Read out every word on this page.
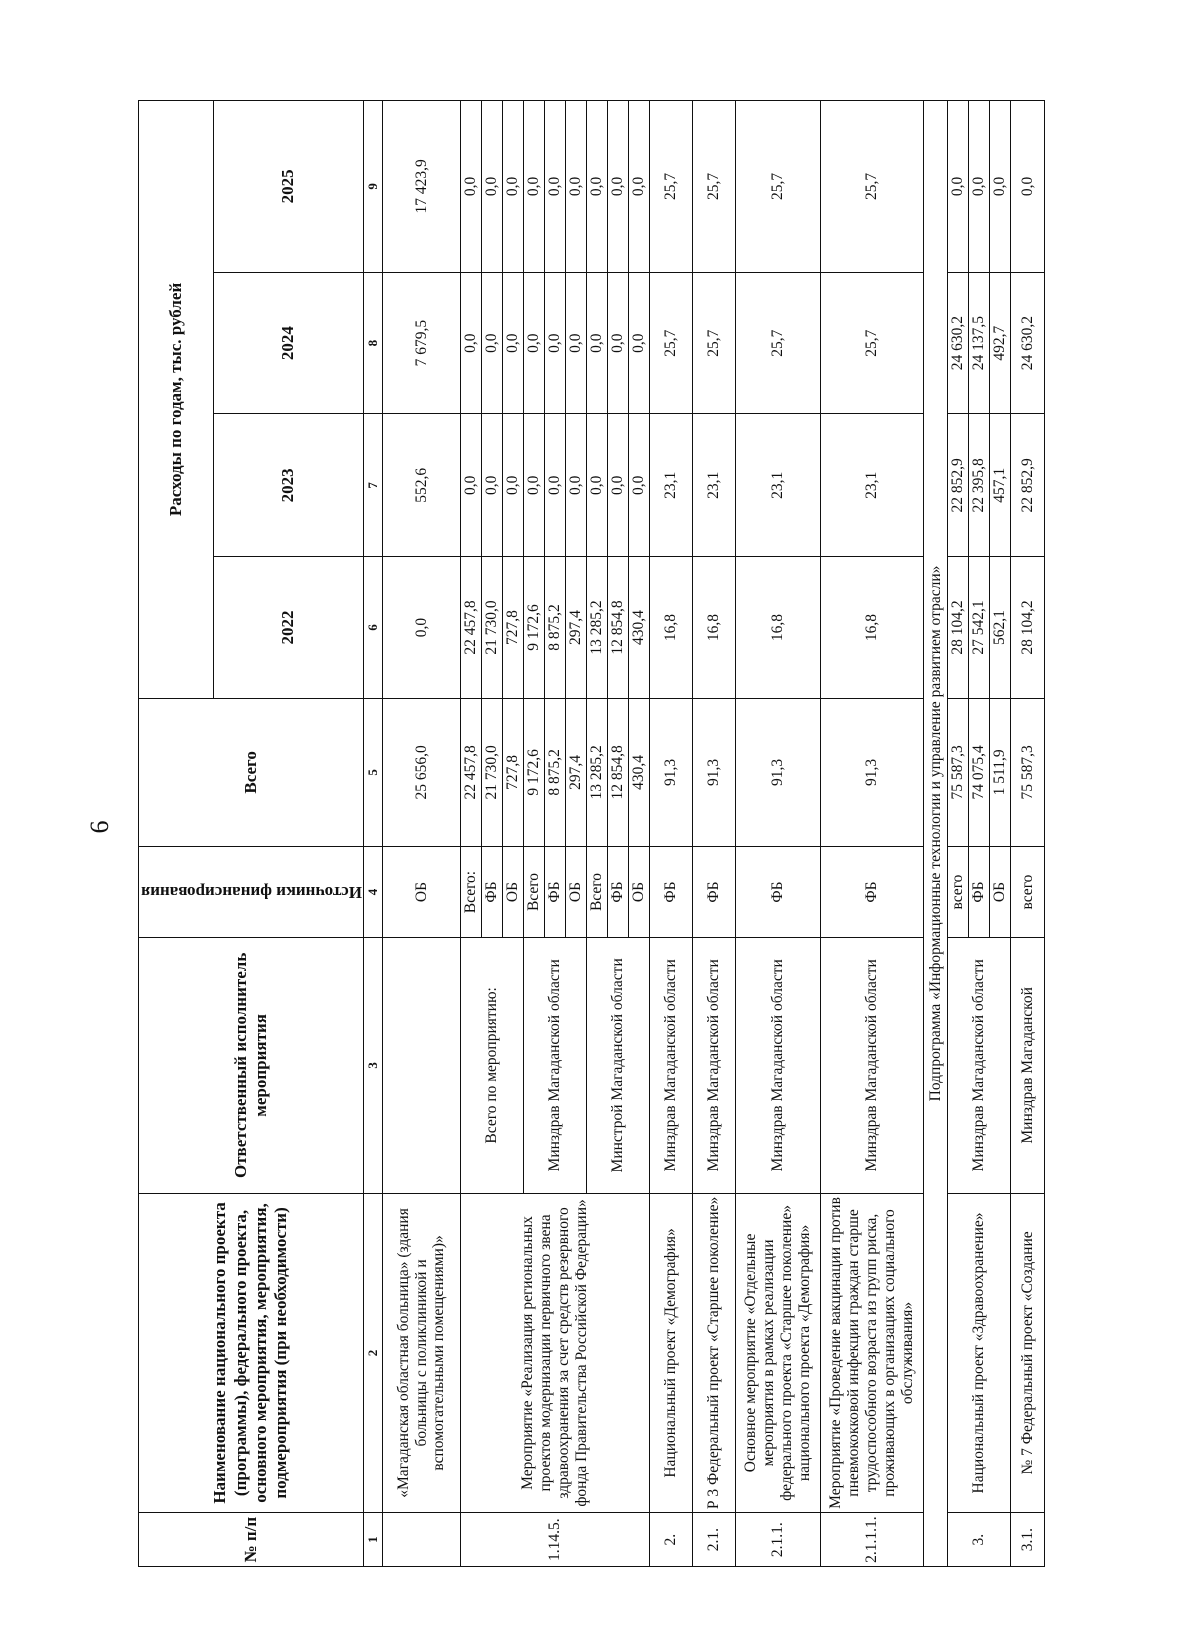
6
№ п/п	Наименование национального проекта (программы), федерального проекта, основного мероприятия, мероприятия, подмероприятия (при необходимости)	Ответственный исполнитель мероприятия	Источники финансирования	Всего	Расходы по годам, тыс. рублей			
					2022	2023	2024	2025
1	2	3	4	5	6	7	8	9
	«Магаданская областная больница» (здания больницы с поликлиникой и вспомогательными помещениями)»		ОБ	25 656,0	0,0	552,6	7 679,5	17 423,9
1.14.5.	Мероприятие «Реализация региональных проектов модернизации первичного звена здравоохранения за счет средств резервного фонда Правительства Российской Федерации»	Всего по мероприятию:	Всего:	22 457,8	22 457,8	0,0	0,0	0,0
			ФБ	21 730,0	21 730,0	0,0	0,0	0,0
			ОБ	727,8	727,8	0,0	0,0	0,0
		Минздрав Магаданской области	Всего	9 172,6	9 172,6	0,0	0,0	0,0
			ФБ	8 875,2	8 875,2	0,0	0,0	0,0
			ОБ	297,4	297,4	0,0	0,0	0,0
		Минстрой Магаданской области	Всего	13 285,2	13 285,2	0,0	0,0	0,0
			ФБ	12 854,8	12 854,8	0,0	0,0	0,0
			ОБ	430,4	430,4	0,0	0,0	0,0
2.	Национальный проект «Демография»	Минздрав Магаданской области	ФБ	91,3	16,8	23,1	25,7	25,7
2.1.	Р 3 Федеральный проект «Старшее поколение»	Минздрав Магаданской области	ФБ	91,3	16,8	23,1	25,7	25,7
2.1.1.	Основное мероприятие «Отдельные мероприятия в рамках реализации федерального проекта «Старшее поколение» национального проекта «Демография»	Минздрав Магаданской области	ФБ	91,3	16,8	23,1	25,7	25,7
2.1.1.1.	Мероприятие «Проведение вакцинации против пневмококковой инфекции граждан старше трудоспособного возраста из групп риска, проживающих в организациях социального обслуживания»	Минздрав Магаданской области	ФБ	91,3	16,8	23,1	25,7	25,7
Подпрограмма «Информационные технологии и управление развитием отрасли»								
3.	Национальный проект «Здравоохранение»	Минздрав Магаданской области	всего	75 587,3	28 104,2	22 852,9	24 630,2	0,0
			ФБ	74 075,4	27 542,1	22 395,8	24 137,5	0,0
			ОБ	1 511,9	562,1	457,1	492,7	0,0
3.1.	№ 7 Федеральный проект «Создание	Минздрав Магаданской	всего	75 587,3	28 104,2	22 852,9	24 630,2	0,0
